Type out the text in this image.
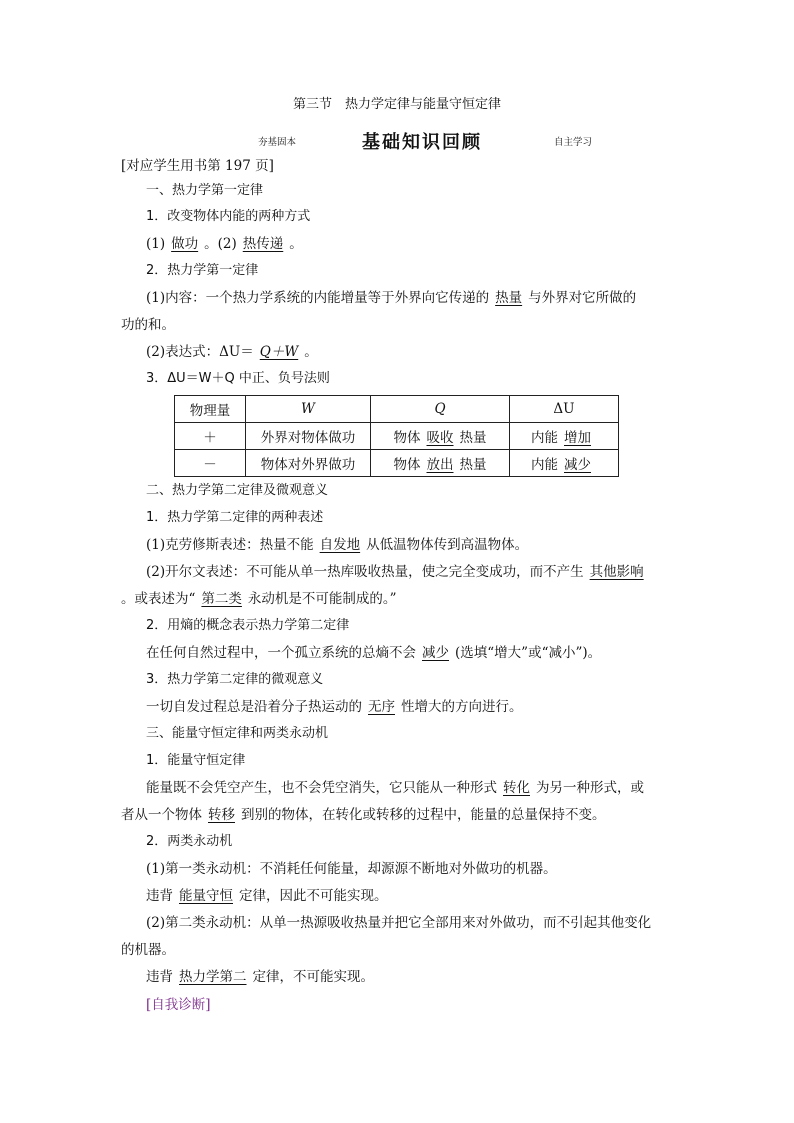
第三节　热力学定律与能量守恒定律
夯基固本	基础知识回顾	自主学习
[对应学生用书第 197 页]
一、热力学第一定律
1．改变物体内能的两种方式
(1) 做功 。(2) 热传递 。
2．热力学第一定律
(1)内容：一个热力学系统的内能增量等于外界向它传递的 热量 与外界对它所做的
功的和。
(2)表达式：ΔU＝ Q＋W 。
3．ΔU＝W＋Q 中正、负号法则
物理量	W	Q	ΔU
＋	外界对物体做功	物体 吸收 热量	内能 增加
－	物体对外界做功	物体 放出 热量	内能 减少
二、热力学第二定律及微观意义
1．热力学第二定律的两种表述
(1)克劳修斯表述：热量不能 自发地 从低温物体传到高温物体。
(2)开尔文表述：不可能从单一热库吸收热量，使之完全变成功，而不产生 其他影响
。或表述为“ 第二类 永动机是不可能制成的。”
2．用熵的概念表示热力学第二定律
在任何自然过程中，一个孤立系统的总熵不会 减少 (选填“增大”或“减小”)。
3．热力学第二定律的微观意义
一切自发过程总是沿着分子热运动的 无序 性增大的方向进行。
三、能量守恒定律和两类永动机
1．能量守恒定律
能量既不会凭空产生，也不会凭空消失，它只能从一种形式 转化 为另一种形式，或
者从一个物体 转移 到别的物体，在转化或转移的过程中，能量的总量保持不变。
2．两类永动机
(1)第一类永动机：不消耗任何能量，却源源不断地对外做功的机器。
违背 能量守恒 定律，因此不可能实现。
(2)第二类永动机：从单一热源吸收热量并把它全部用来对外做功，而不引起其他变化
的机器。
违背 热力学第二 定律，不可能实现。
[自我诊断]
